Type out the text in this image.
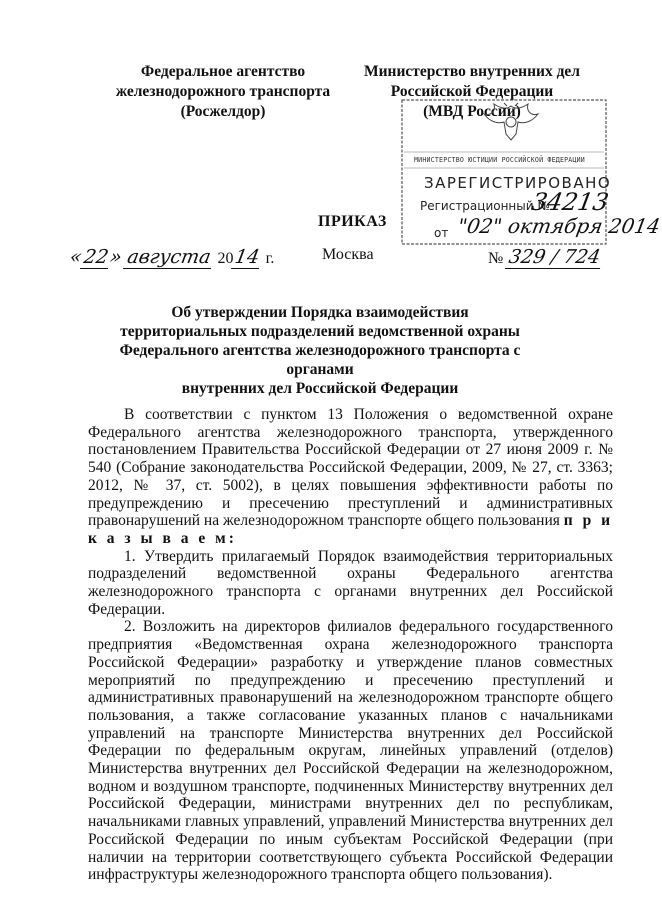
Федеральное агентство
железнодорожного транспорта
(Росжелдор)
Министерство внутренних дел
Российской Федерации
(МВД России)
МИНИСТЕРСТВО ЮСТИЦИИ РОССИЙСКОЙ ФЕДЕРАЦИИ
ЗАРЕГИСТРИРОВАНО
Регистрационный №
34213
от "02" октября 2014
ПРИКАЗ
«22» августа 2014 г.	Москва	№ 329 / 724
Об утверждении Порядка взаимодействия
территориальных подразделений ведомственной охраны
Федерального агентства железнодорожного транспорта с органами
внутренних дел Российской Федерации

В соответствии с пунктом 13 Положения о ведомственной охране Федерального агентства железнодорожного транспорта, утвержденного постановлением Правительства Российской Федерации от 27 июня 2009 г. № 540 (Собрание законодательства Российской Федерации, 2009, № 27, ст. 3363; 2012, № 37, ст. 5002), в целях повышения эффективности работы по предупреждению и пресечению преступлений и административных правонарушений на железнодорожном транспорте общего пользования п р и к а з ы в а е м:

1. Утвердить прилагаемый Порядок взаимодействия территориальных подразделений ведомственной охраны Федерального агентства железнодорожного транспорта с органами внутренних дел Российской Федерации.

2. Возложить на директоров филиалов федерального государственного предприятия «Ведомственная охрана железнодорожного транспорта Российской Федерации» разработку и утверждение планов совместных мероприятий по предупреждению и пресечению преступлений и административных правонарушений на железнодорожном транспорте общего пользования, а также согласование указанных планов с начальниками управлений на транспорте Министерства внутренних дел Российской Федерации по федеральным округам, линейных управлений (отделов) Министерства внутренних дел Российской Федерации на железнодорожном, водном и воздушном транспорте, подчиненных Министерству внутренних дел Российской Федерации, министрами внутренних дел по республикам, начальниками главных управлений, управлений Министерства внутренних дел Российской Федерации по иным субъектам Российской Федерации (при наличии на территории соответствующего субъекта Российской Федерации инфраструктуры железнодорожного транспорта общего пользования).
